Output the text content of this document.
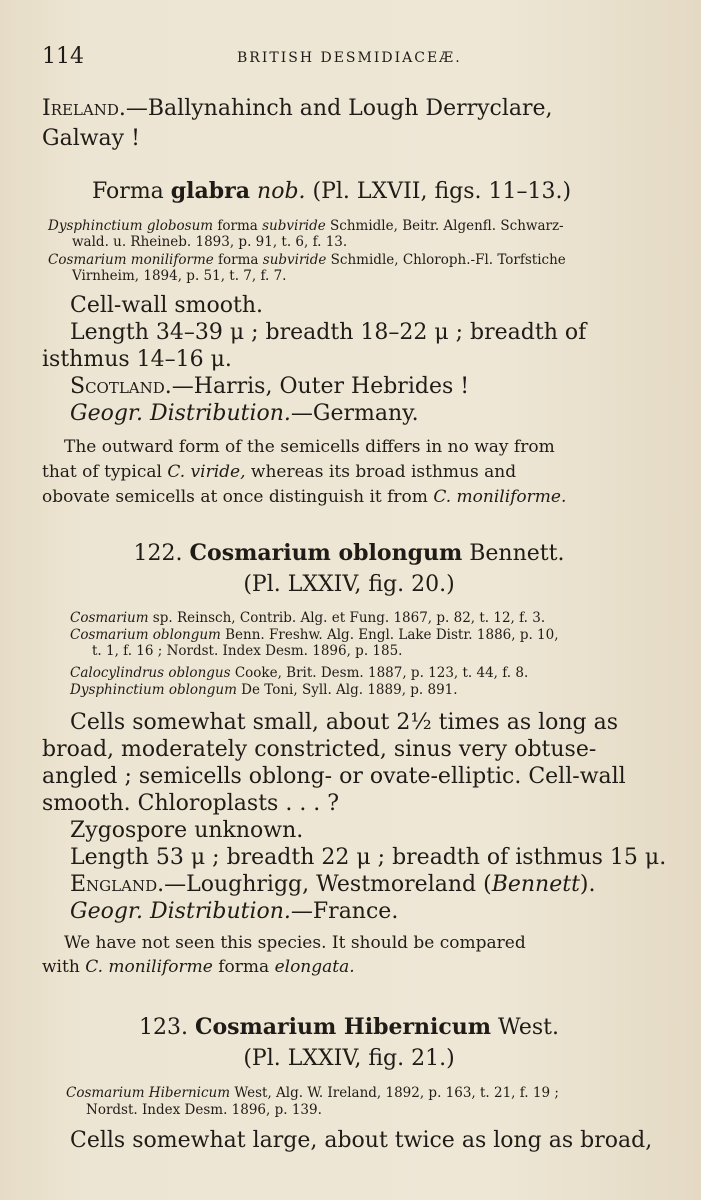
114	BRITISH DESMIDIACEÆ.
Ireland.—Ballynahinch and Lough Derryclare,
Galway !
Forma glabra nob. (Pl. LXVII, figs. 11–13.)
Dysphinctium globosum forma subviride Schmidle, Beitr. Algenfl. Schwarz-
wald. u. Rheineb. 1893, p. 91, t. 6, f. 13.
Cosmarium moniliforme forma subviride Schmidle, Chloroph.-Fl. Torfstiche
Virnheim, 1894, p. 51, t. 7, f. 7.
Cell-wall smooth.
Length 34–39 μ ; breadth 18–22 μ ; breadth of
isthmus 14–16 μ.
Scotland.—Harris, Outer Hebrides !
Geogr. Distribution.—Germany.
The outward form of the semicells differs in no way from
that of typical C. viride, whereas its broad isthmus and
obovate semicells at once distinguish it from C. moniliforme.
122. Cosmarium oblongum Bennett.
(Pl. LXXIV, fig. 20.)
Cosmarium sp. Reinsch, Contrib. Alg. et Fung. 1867, p. 82, t. 12, f. 3.
Cosmarium oblongum Benn. Freshw. Alg. Engl. Lake Distr. 1886, p. 10,
t. 1, f. 16 ; Nordst. Index Desm. 1896, p. 185.
Calocylindrus oblongus Cooke, Brit. Desm. 1887, p. 123, t. 44, f. 8.
Dysphinctium oblongum De Toni, Syll. Alg. 1889, p. 891.
Cells somewhat small, about 2½ times as long as
broad, moderately constricted, sinus very obtuse-
angled ; semicells oblong- or ovate-elliptic. Cell-wall
smooth. Chloroplasts . . . ?
Zygospore unknown.
Length 53 μ ; breadth 22 μ ; breadth of isthmus 15 μ.
England.—Loughrigg, Westmoreland (Bennett).
Geogr. Distribution.—France.
We have not seen this species. It should be compared
with C. moniliforme forma elongata.
123. Cosmarium Hibernicum West.
(Pl. LXXIV, fig. 21.)
Cosmarium Hibernicum West, Alg. W. Ireland, 1892, p. 163, t. 21, f. 19 ;
Nordst. Index Desm. 1896, p. 139.
Cells somewhat large, about twice as long as broad,
